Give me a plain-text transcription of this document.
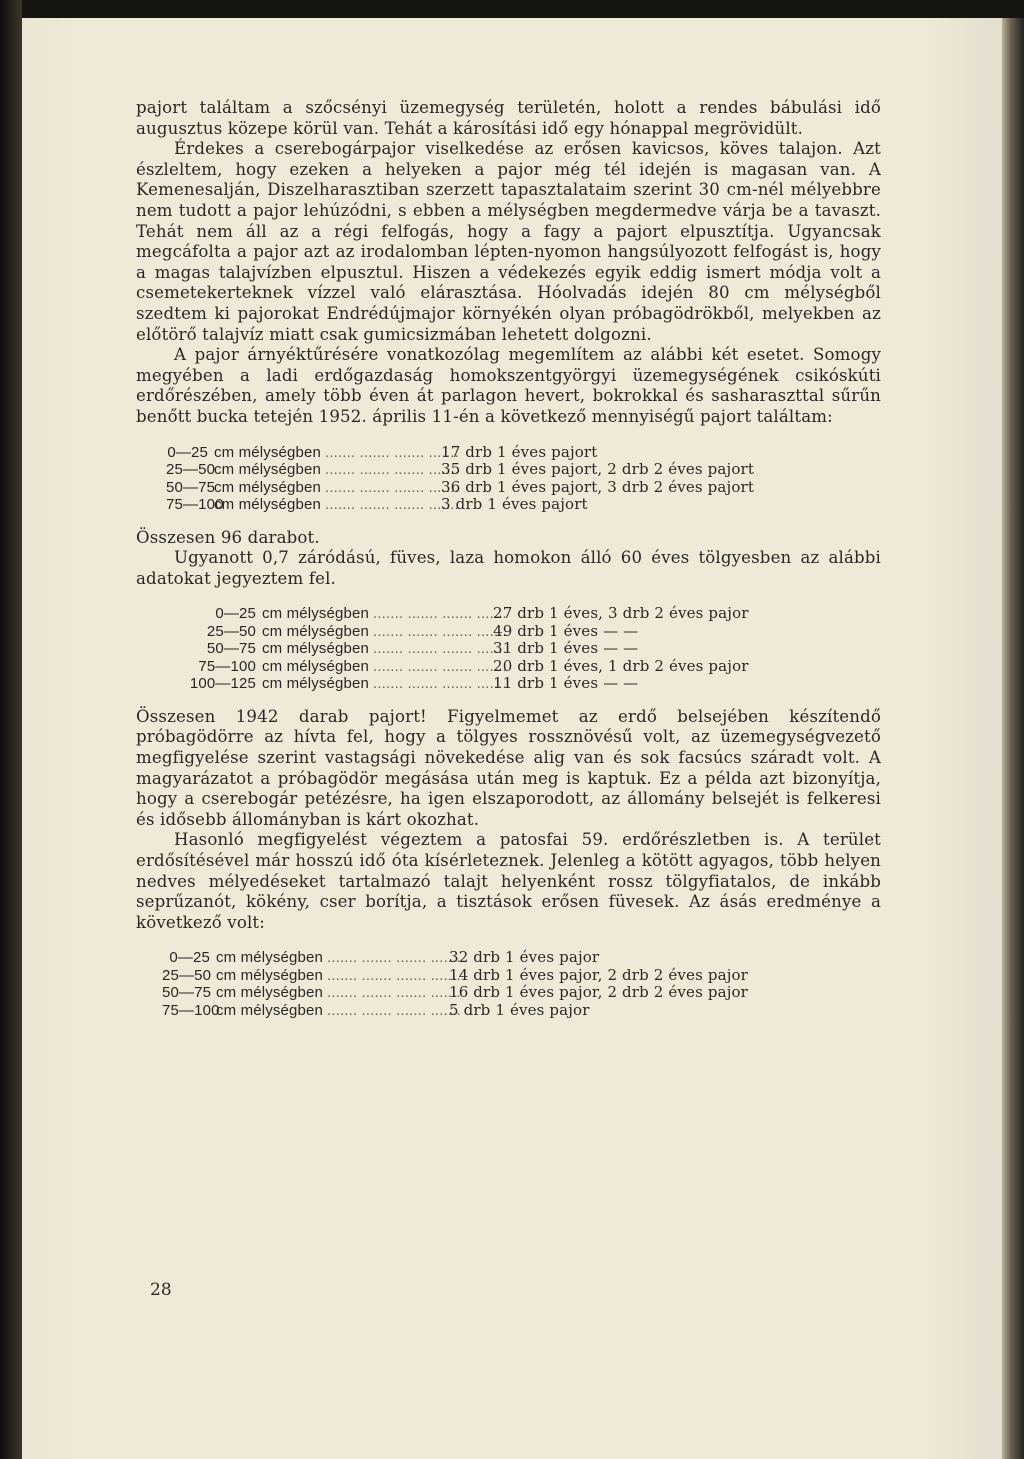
pajort találtam a szőcsényi üzemegység területén, holott a rendes bábulási idő augusztus közepe körül van. Tehát a károsítási idő egy hónappal megrövidült.

Érdekes a cserebogárpajor viselkedése az erősen kavicsos, köves talajon. Azt észleltem, hogy ezeken a helyeken a pajor még tél idején is magasan van. A Kemenesalján, Diszelharasztiban szerzett tapasztalataim szerint 30 cm-nél mélyebbre nem tudott a pajor lehúzódni, s ebben a mélységben megdermedve várja be a tavaszt. Tehát nem áll az a régi felfogás, hogy a fagy a pajort elpusztítja. Ugyancsak megcáfolta a pajor azt az irodalomban lépten-nyomon hangsúlyozott felfogást is, hogy a magas talajvízben elpusztul. Hiszen a védekezés egyik eddig ismert módja volt a csemetekerteknek vízzel való elárasztása. Hóolvadás idején 80 cm mélységből szedtem ki pajorokat Endrédújmajor környékén olyan próbagödrökből, melyekben az előtörő talajvíz miatt csak gumicsizmában lehetett dolgozni.

A pajor árnyéktűrésére vonatkozólag megemlítem az alábbi két esetet. Somogy megyében a ladi erdőgazdaság homokszentgyörgyi üzemegységének csikóskúti erdőrészében, amely több éven át parlagon hevert, bokrokkal és sasharaszttal sűrűn benőtt bucka tetején 1952. április 11-én a következő mennyiségű pajort találtam:

0—25 cm mélységben ....... ....... ....... .......
17 drb 1 éves pajort
25—50
cm mélységben ....... ....... ....... .......
35 drb 1 éves pajort, 2 drb 2 éves pajort
50—75
cm mélységben ....... ....... ....... .......
36 drb 1 éves pajort, 3 drb 2 éves pajort
75—100
cm mélységben ....... ....... ....... .......
3 drb 1 éves pajort

Összesen 96 darabot.

Ugyanott 0,7 záródású, füves, laza homokon álló 60 éves tölgyesben az alábbi adatokat jegyeztem fel.

0—25 cm mélységben ....... ....... ....... .......
27 drb 1 éves, 3 drb 2 éves pajor
25—50 cm mélységben ....... ....... ....... .......
49 drb 1 éves — —
50—75 cm mélységben ....... ....... ....... .......
31 drb 1 éves — —
75—100 cm mélységben ....... ....... ....... .......
20 drb 1 éves, 1 drb 2 éves pajor
100—125 cm mélységben ....... ....... ....... .......
11 drb 1 éves — —

Összesen 1942 darab pajort! Figyelmemet az erdő belsejében készítendő próbagödörre az hívta fel, hogy a tölgyes rossznövésű volt, az üzemegységvezető megfigyelése szerint vastagsági növekedése alig van és sok facsúcs száradt volt. A magyarázatot a próbagödör megásása után meg is kaptuk. Ez a példa azt bizonyítja, hogy a cserebogár petézésre, ha igen elszaporodott, az állomány belsejét is felkeresi és idősebb állományban is kárt okozhat.

Hasonló megfigyelést végeztem a patosfai 59. erdőrészletben is. A terület erdősítésével már hosszú idő óta kísérleteznek. Jelenleg a kötött agyagos, több helyen nedves mélyedéseket tartalmazó talajt helyenként rossz tölgyfiatalos, de inkább seprűzanót, kökény, cser borítja, a tisztások erősen füvesek. Az ásás eredménye a következő volt:

0—25 cm mélységben ....... ....... ....... .......
32 drb 1 éves pajor
25—50 cm mélységben ....... ....... ....... .......
14 drb 1 éves pajor, 2 drb 2 éves pajor
50—75 cm mélységben ....... ....... ....... .......
16 drb 1 éves pajor, 2 drb 2 éves pajor
75—100
cm mélységben ....... ....... ....... .......
5 drb 1 éves pajor
28
